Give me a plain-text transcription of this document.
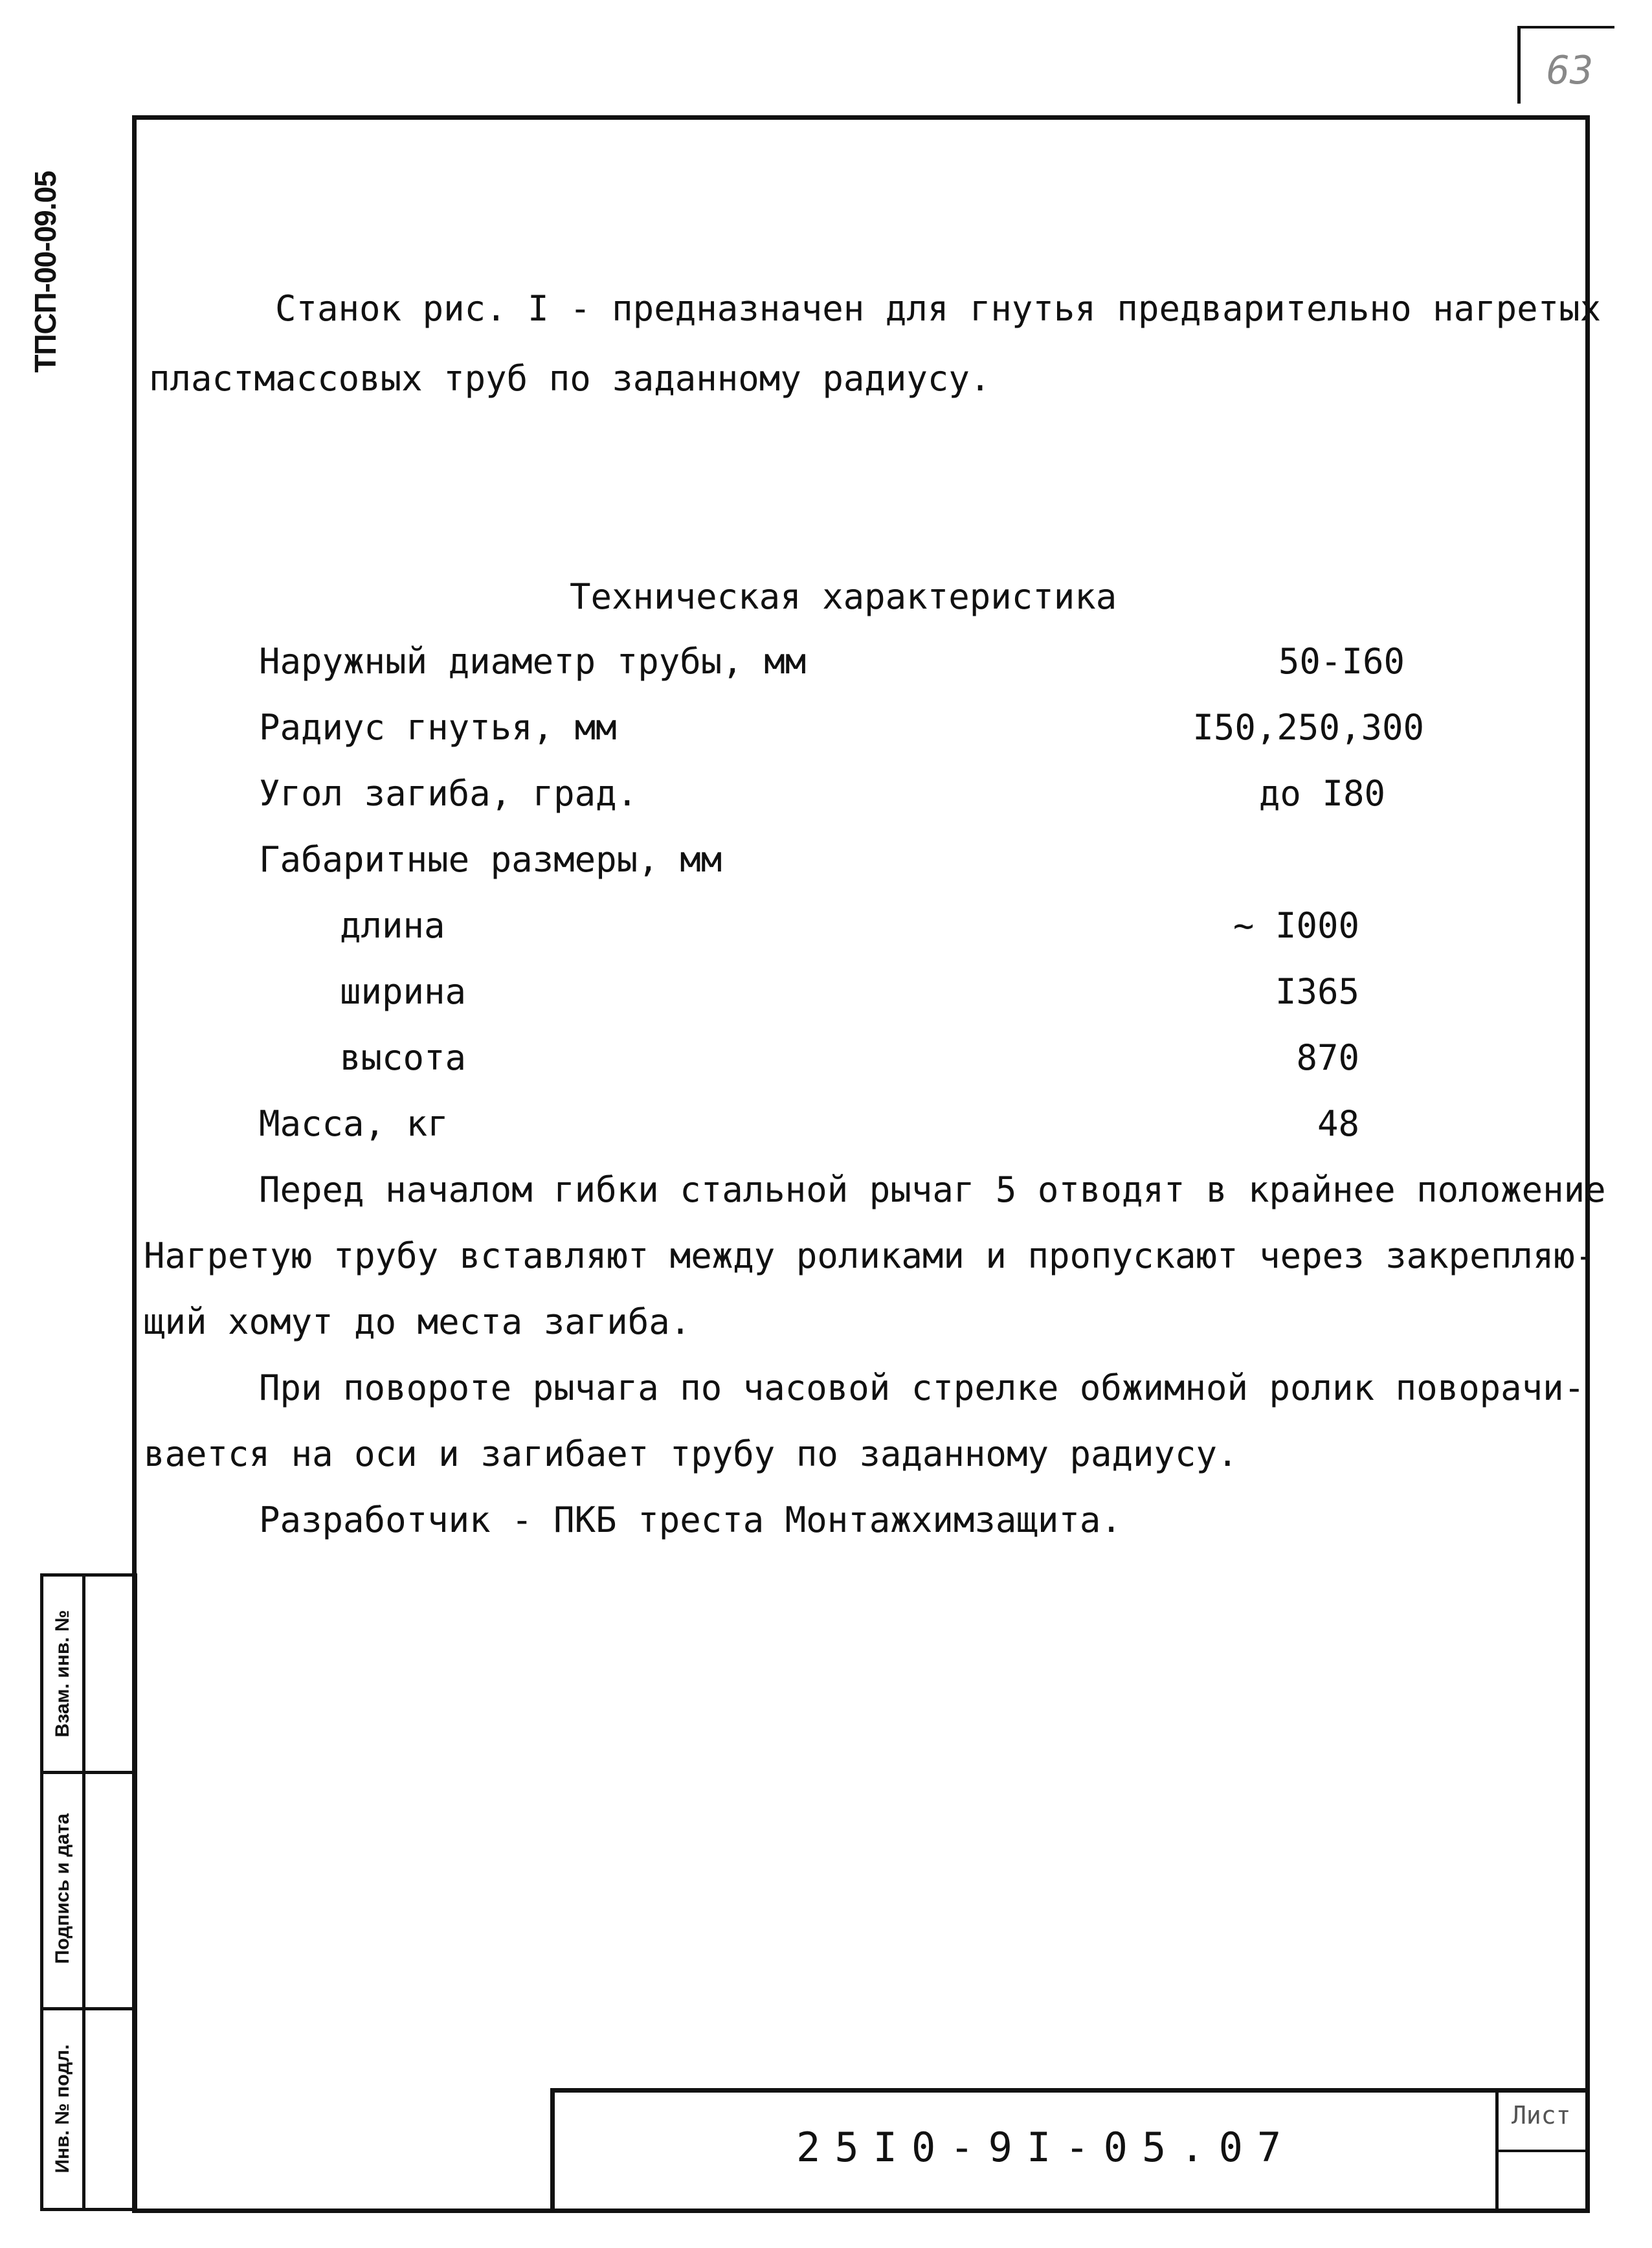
63
ТПСП-00-09.05	Станок рис. I - предназначен для гнутья предварительно нагретых
пластмассовых труб по заданному радиусу.
Техническая характеристика
Наружный диаметр трубы, мм	50-I60
Радиус гнутья, мм	I50,250,300
Угол загиба, град.	до I80
Габаритные размеры, мм
длина	~ I000
ширина	I365
высота	870
Масса, кг	48
Перед началом гибки стальной рычаг 5 отводят в крайнее положение
Нагретую трубу вставляют между роликами и пропускают через закрепляю-
щий хомут до места загиба.
При повороте рычага по часовой стрелке обжимной ролик поворачи-
вается на оси и загибает трубу по заданному радиусу.
Разработчик - ПКБ треста Монтажхимзащита.
Взам. инв. №
Подпись и дата
Инв. № подл.	25I0-9I-05.07
Лист
